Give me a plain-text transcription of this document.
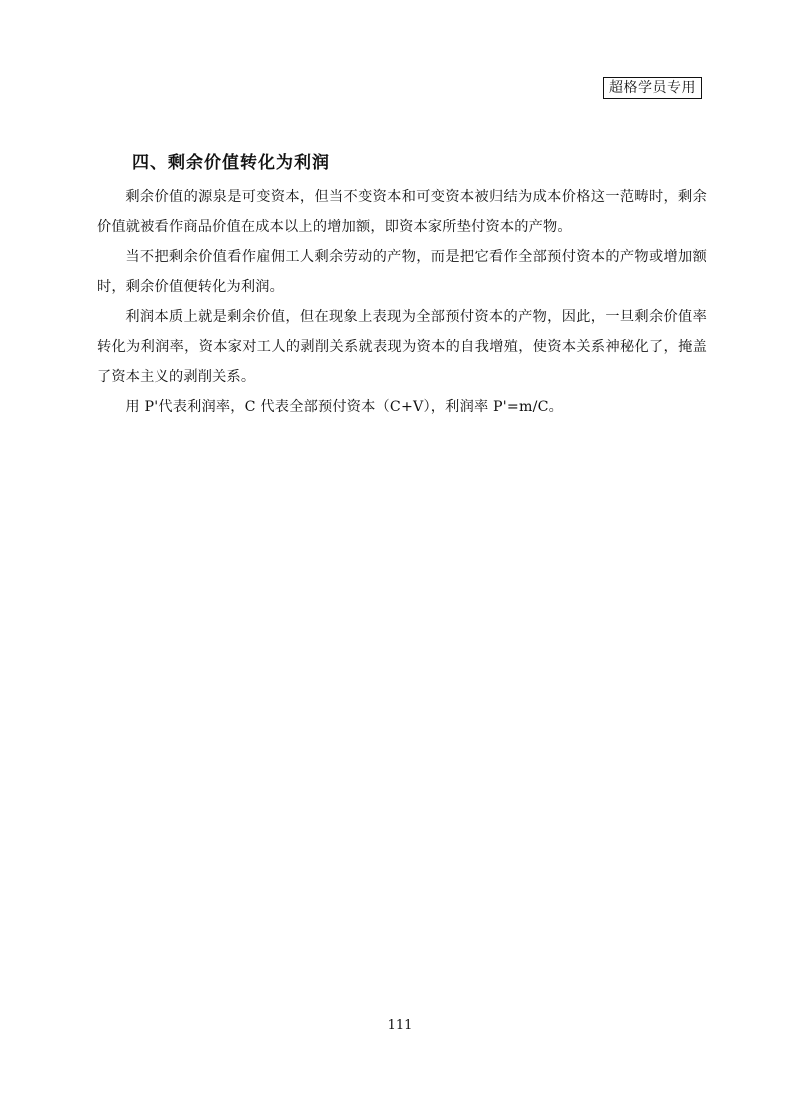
超格学员专用
四、剩余价值转化为利润

剩余价值的源泉是可变资本，但当不变资本和可变资本被归结为成本价格这一范畴时，剩余价值就被看作商品价值在成本以上的增加额，即资本家所垫付资本的产物。

当不把剩余价值看作雇佣工人剩余劳动的产物，而是把它看作全部预付资本的产物或增加额时，剩余价值便转化为利润。

利润本质上就是剩余价值，但在现象上表现为全部预付资本的产物，因此，一旦剩余价值率转化为利润率，资本家对工人的剥削关系就表现为资本的自我增殖，使资本关系神秘化了，掩盖了资本主义的剥削关系。

用 P'代表利润率，C 代表全部预付资本（C+V），利润率 P'=m/C。

111
